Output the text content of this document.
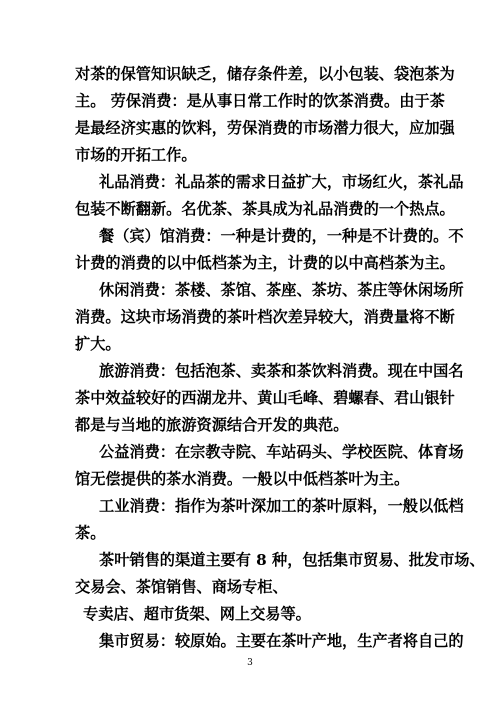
对茶的保管知识缺乏，储存条件差，以小包装、袋泡茶为
主。 劳保消费：是从事日常工作时的饮茶消费。由于茶
是最经济实惠的饮料，劳保消费的市场潜力很大，应加强
市场的开拓工作。
礼品消费：礼品茶的需求日益扩大，市场红火，茶礼品
包装不断翻新。名优茶、茶具成为礼品消费的一个热点。
餐（宾）馆消费：一种是计费的，一种是不计费的。不
计费的消费的以中低档茶为主，计费的以中高档茶为主。
休闲消费：茶楼、茶馆、茶座、茶坊、茶庄等休闲场所
消费。这块市场消费的茶叶档次差异较大，消费量将不断
扩大。
旅游消费：包括泡茶、卖茶和茶饮料消费。现在中国名
茶中效益较好的西湖龙井、黄山毛峰、碧螺春、君山银针
都是与当地的旅游资源结合开发的典范。
公益消费：在宗教寺院、车站码头、学校医院、体育场
馆无偿提供的茶水消费。一般以中低档茶叶为主。
工业消费：指作为茶叶深加工的茶叶原料，一般以低档
茶。
茶叶销售的渠道主要有 8 种，包括集市贸易、批发市场、
交易会、茶馆销售、商场专柜、
专卖店、超市货架、网上交易等。
集市贸易：较原始。主要在茶叶产地，生产者将自己的
3
